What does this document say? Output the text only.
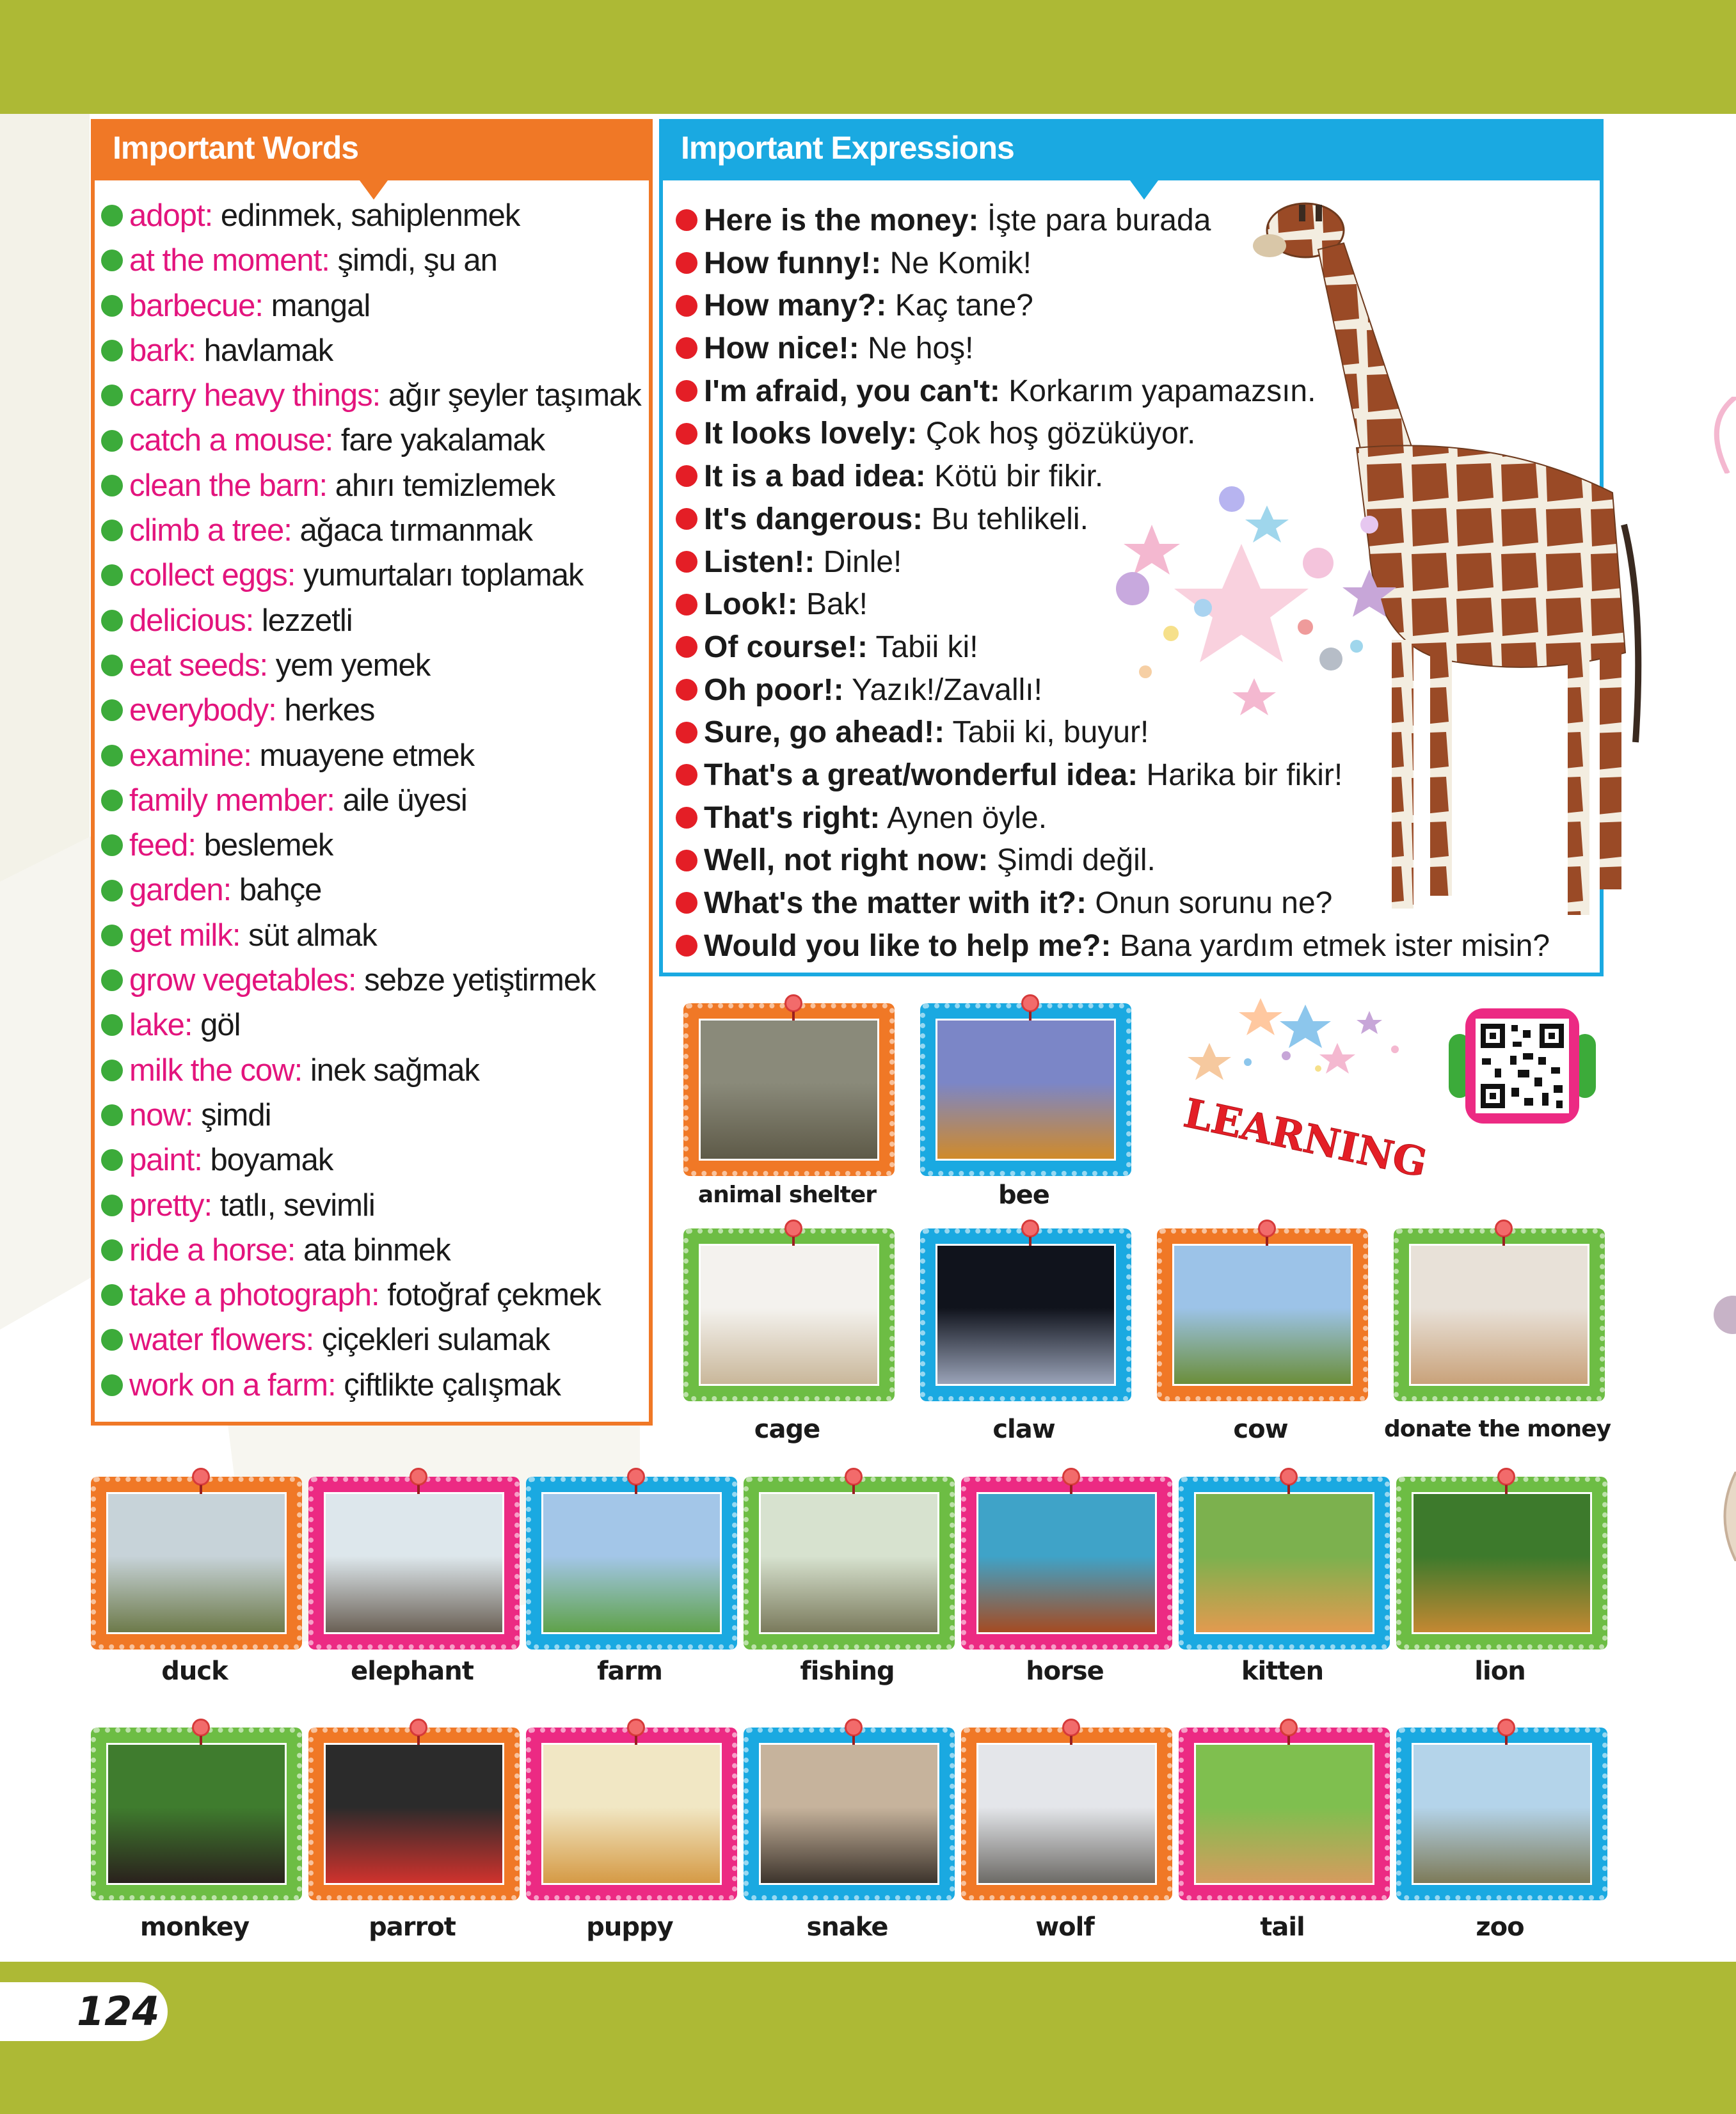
Important Words
adopt: edinmek, sahiplenmek
at the moment: şimdi, şu an
barbecue: mangal
bark: havlamak
carry heavy things: ağır şeyler taşımak
catch a mouse: fare yakalamak
clean the barn: ahırı temizlemek
climb a tree: ağaca tırmanmak
collect eggs: yumurtaları toplamak
delicious: lezzetli
eat seeds: yem yemek
everybody: herkes
examine: muayene etmek
family member: aile üyesi
feed: beslemek
garden: bahçe
get milk: süt almak
grow vegetables: sebze yetiştirmek
lake: göl
milk the cow: inek sağmak
now: şimdi
paint: boyamak
pretty: tatlı, sevimli
ride a horse: ata binmek
take a photograph: fotoğraf çekmek
water flowers: çiçekleri sulamak
work on a farm: çiftlikte çalışmak
Important Expressions
Here is the money: İşte para burada
How funny!: Ne Komik!
How many?: Kaç tane?
How nice!: Ne hoş!
I'm afraid, you can't: Korkarım yapamazsın.
It looks lovely: Çok hoş gözüküyor.
It is a bad idea: Kötü bir fikir.
It's dangerous: Bu tehlikeli.
Listen!: Dinle!
Look!: Bak!
Of course!: Tabii ki!
Oh poor!: Yazık!/Zavallı!
Sure, go ahead!: Tabii ki, buyur!
That's a great/wonderful idea: Harika bir fikir!
That's right: Aynen öyle.
Well, not right now: Şimdi değil.
What's the matter with it?: Onun sorunu ne?
Would you like to help me?: Bana yardım etmek ister misin?
LEARNING
animal shelter	bee
cage	claw	cow	donate the money
duck	elephant	farm	fishing	horse	kitten	lion
monkey	parrot	puppy	snake	wolf	tail	zoo
124
